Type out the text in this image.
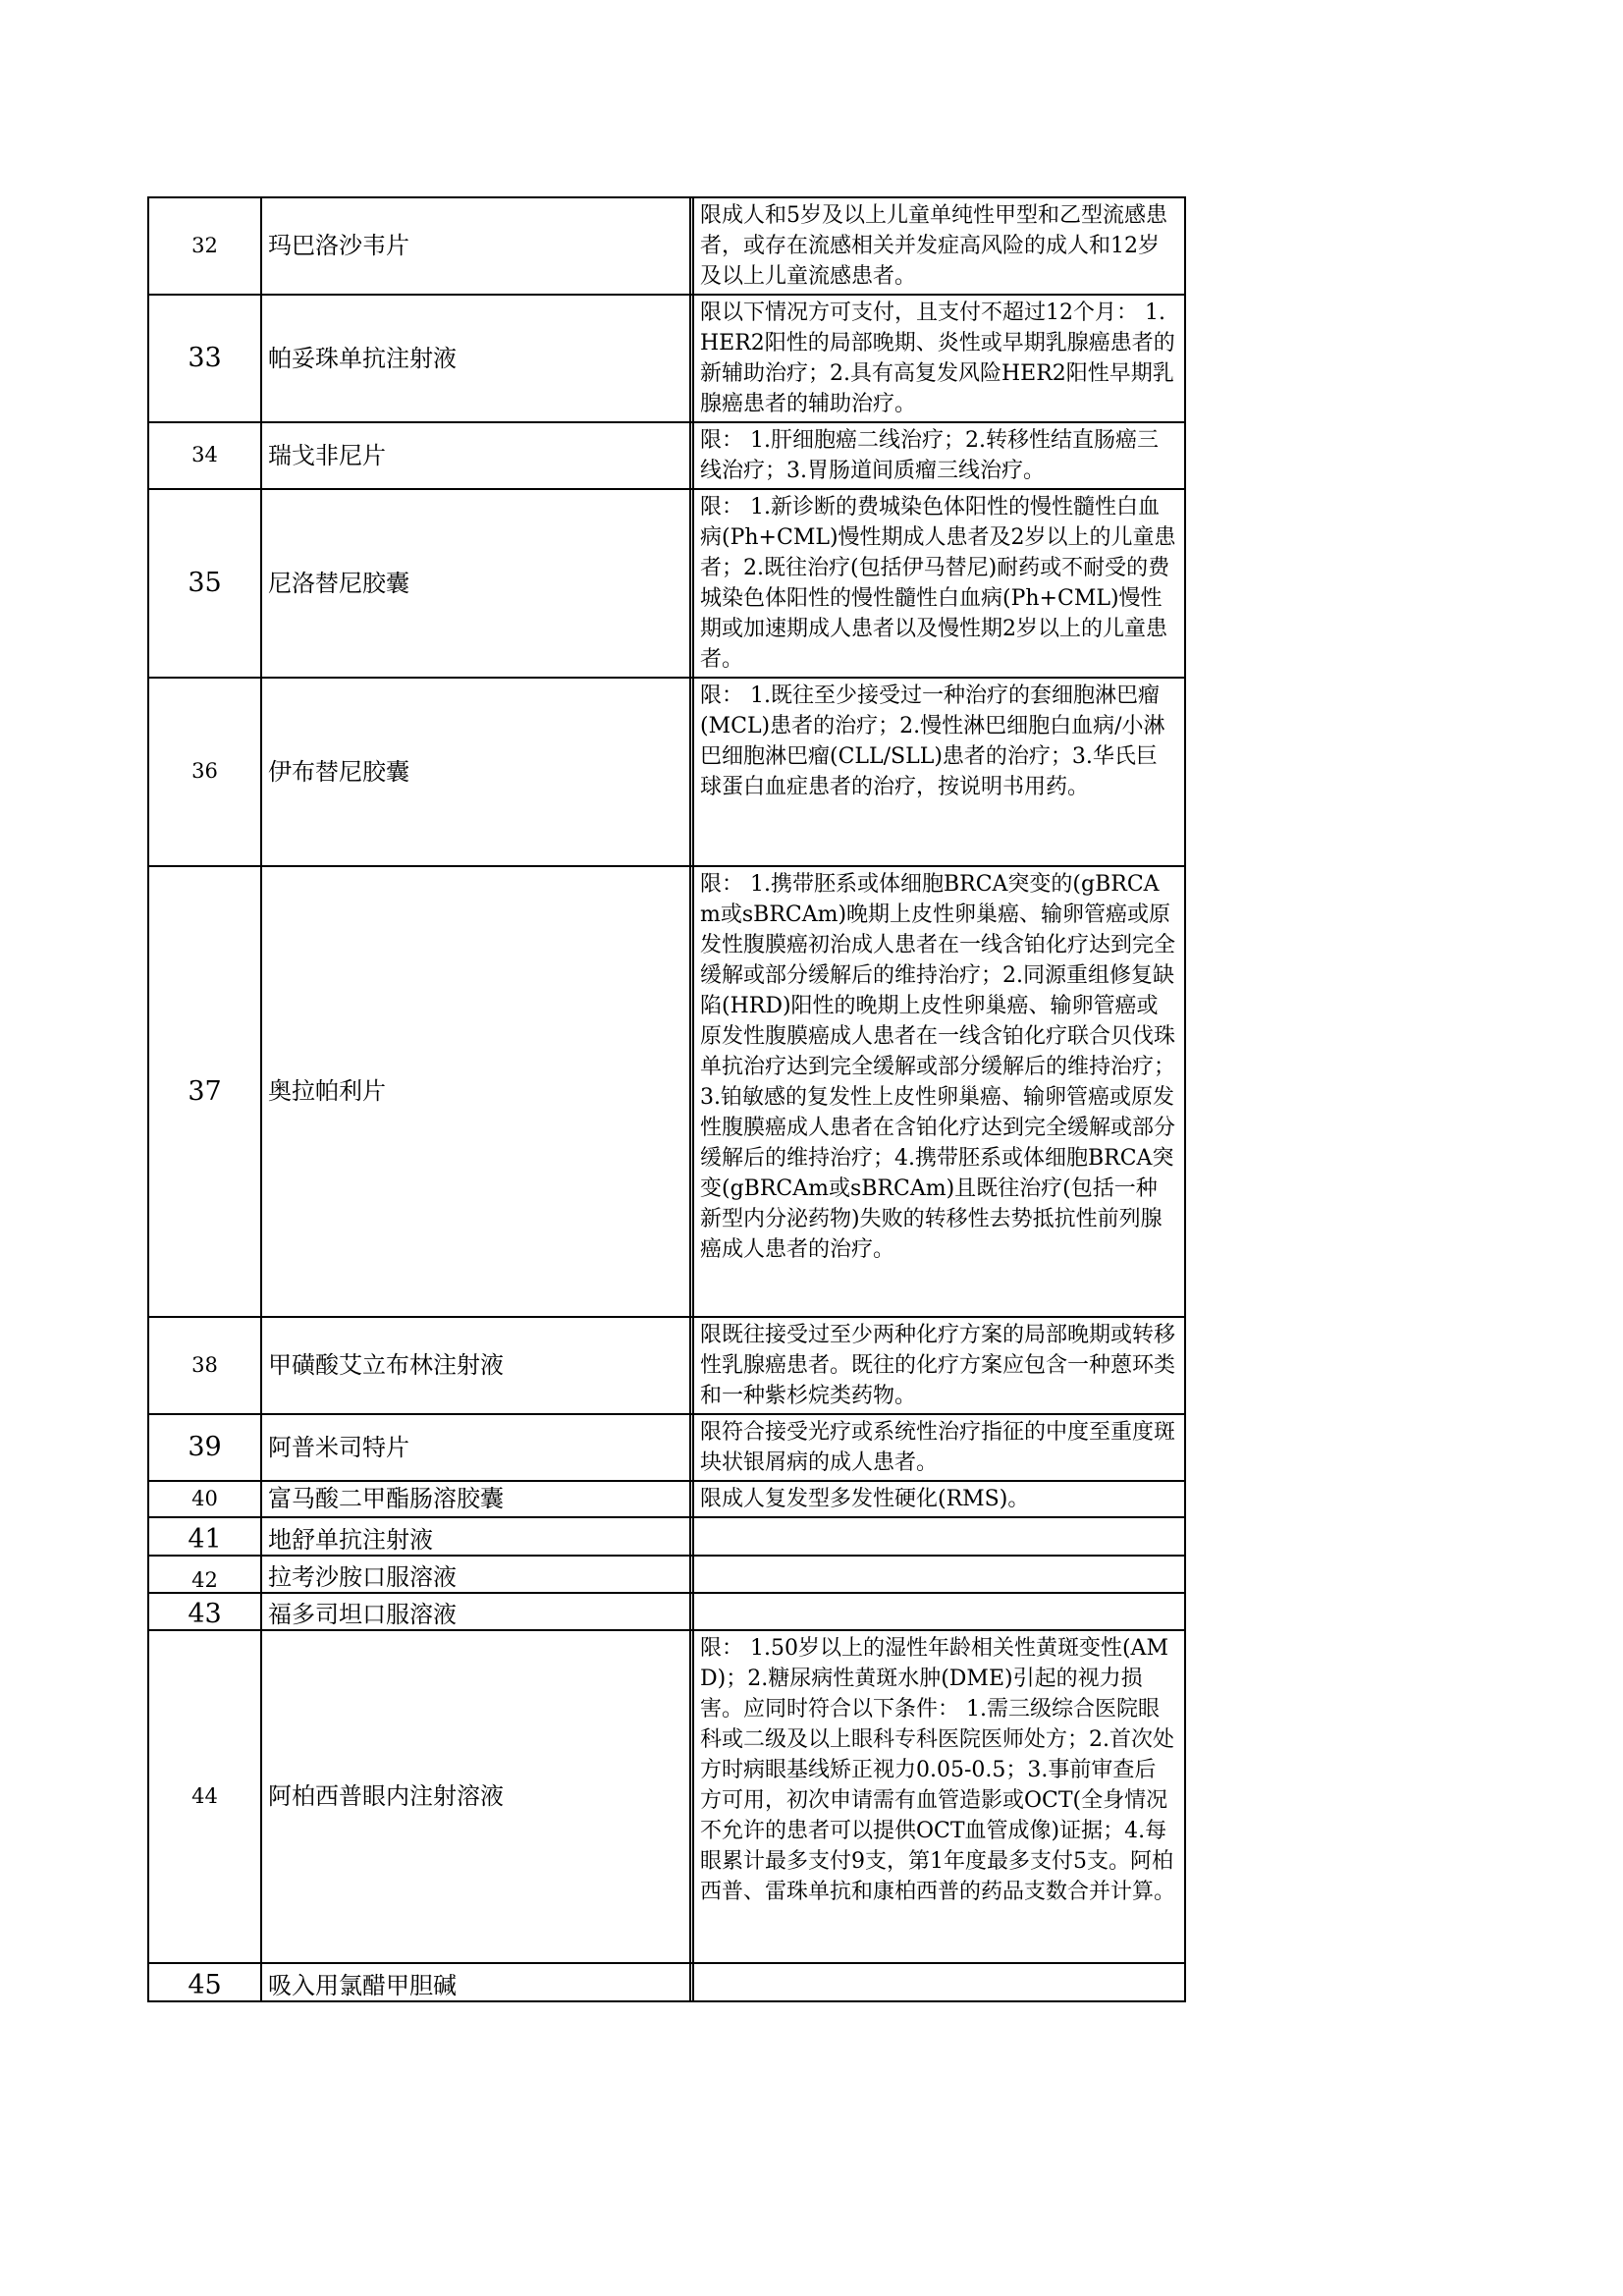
32	玛巴洛沙韦片		限成人和5岁及以上儿童单纯性甲型和乙型流感患者，或存在流感相关并发症高风险的成人和12岁及以上儿童流感患者。
33	帕妥珠单抗注射液		限以下情况方可支付，且支付不超过12个月： 1.HER2阳性的局部晚期、炎性或早期乳腺癌患者的新辅助治疗；2.具有高复发风险HER2阳性早期乳腺癌患者的辅助治疗。
34	瑞戈非尼片		限： 1.肝细胞癌二线治疗；2.转移性结直肠癌三线治疗；3.胃肠道间质瘤三线治疗。
35	尼洛替尼胶囊		限： 1.新诊断的费城染色体阳性的慢性髓性白血病(Ph+CML)慢性期成人患者及2岁以上的儿童患者；2.既往治疗(包括伊马替尼)耐药或不耐受的费城染色体阳性的慢性髓性白血病(Ph+CML)慢性期或加速期成人患者以及慢性期2岁以上的儿童患者。
36	伊布替尼胶囊		限： 1.既往至少接受过一种治疗的套细胞淋巴瘤(MCL)患者的治疗；2.慢性淋巴细胞白血病/小淋巴细胞淋巴瘤(CLL/SLL)患者的治疗；3.华氏巨球蛋白血症患者的治疗，按说明书用药。
37	奥拉帕利片		限： 1.携带胚系或体细胞BRCA突变的(gBRCAm或sBRCAm)晚期上皮性卵巢癌、输卵管癌或原发性腹膜癌初治成人患者在一线含铂化疗达到完全缓解或部分缓解后的维持治疗；2.同源重组修复缺陷(HRD)阳性的晚期上皮性卵巢癌、输卵管癌或原发性腹膜癌成人患者在一线含铂化疗联合贝伐珠单抗治疗达到完全缓解或部分缓解后的维持治疗；3.铂敏感的复发性上皮性卵巢癌、输卵管癌或原发性腹膜癌成人患者在含铂化疗达到完全缓解或部分缓解后的维持治疗；4.携带胚系或体细胞BRCA突变(gBRCAm或sBRCAm)且既往治疗(包括一种新型内分泌药物)失败的转移性去势抵抗性前列腺癌成人患者的治疗。
38	甲磺酸艾立布林注射液		限既往接受过至少两种化疗方案的局部晚期或转移性乳腺癌患者。既往的化疗方案应包含一种蒽环类和一种紫杉烷类药物。
39	阿普米司特片		限符合接受光疗或系统性治疗指征的中度至重度斑块状银屑病的成人患者。
40	富马酸二甲酯肠溶胶囊		限成人复发型多发性硬化(RMS)。
41	地舒单抗注射液		
42	拉考沙胺口服溶液		
43	福多司坦口服溶液		
44	阿柏西普眼内注射溶液		限： 1.50岁以上的湿性年龄相关性黄斑变性(AMD)；2.糖尿病性黄斑水肿(DME)引起的视力损害。应同时符合以下条件： 1.需三级综合医院眼科或二级及以上眼科专科医院医师处方；2.首次处方时病眼基线矫正视力0.05-0.5；3.事前审查后方可用，初次申请需有血管造影或OCT(全身情况不允许的患者可以提供OCT血管成像)证据；4.每眼累计最多支付9支，第1年度最多支付5支。阿柏西普、雷珠单抗和康柏西普的药品支数合并计算。
45	吸入用氯醋甲胆碱		
